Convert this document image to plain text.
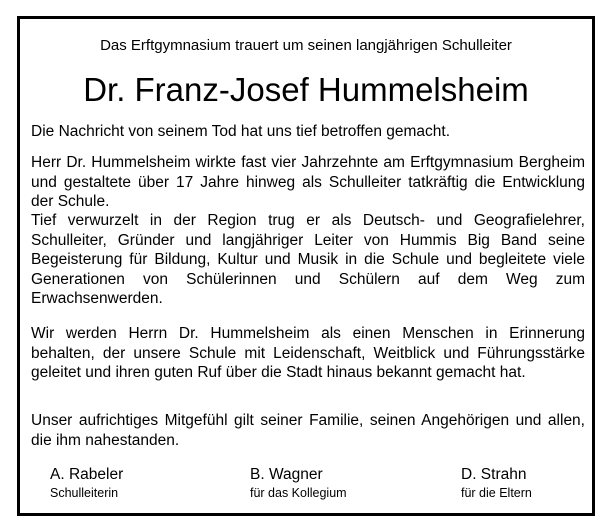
Das Erftgymnasium trauert um seinen langjährigen Schulleiter
Dr. Franz-Josef Hummelsheim

Die Nachricht von seinem Tod hat uns tief betroffen gemacht.

Herr Dr. Hummelsheim wirkte fast vier Jahrzehnte am Erftgymnasium Bergheim und gestaltete über 17 Jahre hinweg als Schulleiter tatkräftig die Entwicklung der Schule.

Tief verwurzelt in der Region trug er als Deutsch- und Geografielehrer, Schulleiter, Gründer und langjähriger Leiter von Hummis Big Band seine Begeisterung für Bildung, Kultur und Musik in die Schule und begleitete viele Generationen von Schülerinnen und Schülern auf dem Weg zum Erwachsenwerden.

Wir werden Herrn Dr. Hummelsheim als einen Menschen in Erinnerung behalten, der unsere Schule mit Leidenschaft, Weitblick und Führungsstärke geleitet und ihren guten Ruf über die Stadt hinaus bekannt gemacht hat.

Unser aufrichtiges Mitgefühl gilt seiner Familie, seinen Angehörigen und allen, die ihm nahestanden.

A. Rabeler
Schulleiterin
B. Wagner
für das Kollegium
D. Strahn
für die Eltern
